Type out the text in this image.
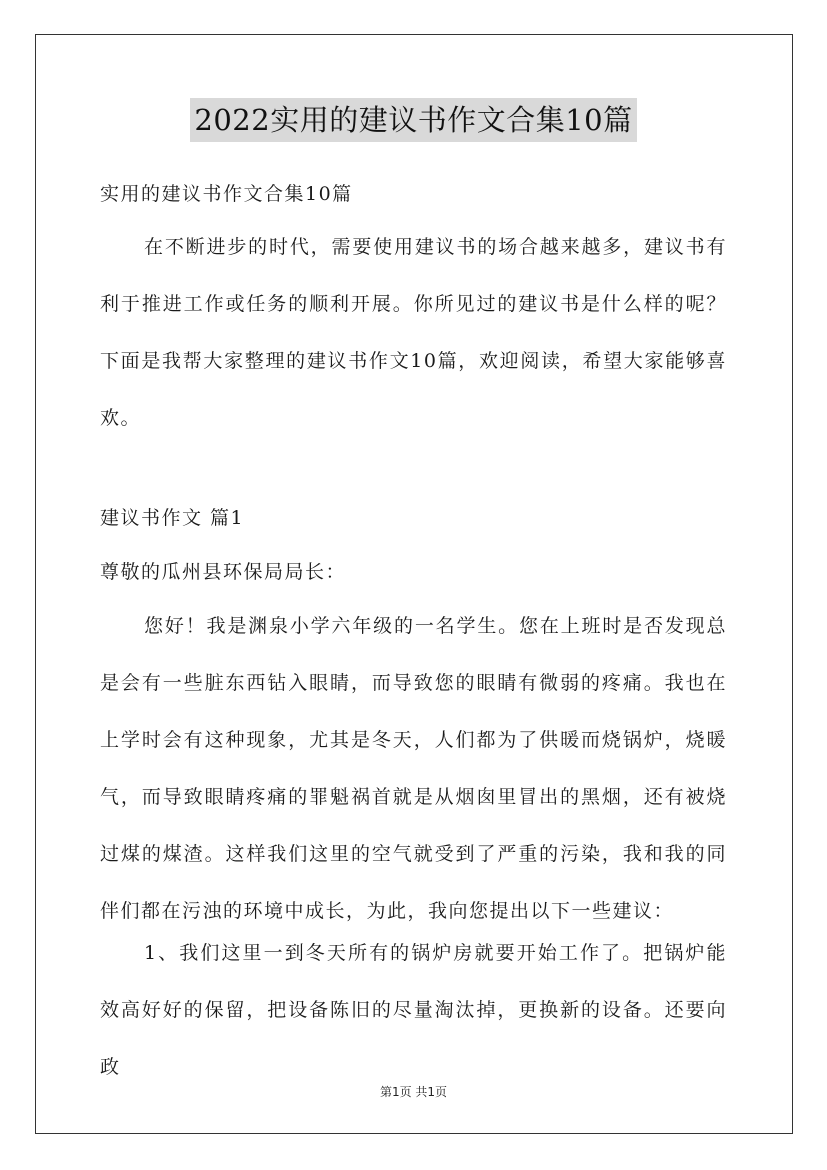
2022实用的建议书作文合集10篇

实用的建议书作文合集10篇

在不断进步的时代，需要使用建议书的场合越来越多，建议书有利于推进工作或任务的顺利开展。你所见过的建议书是什么样的呢？下面是我帮大家整理的建议书作文10篇，欢迎阅读，希望大家能够喜欢。

建议书作文 篇1

尊敬的瓜州县环保局局长：

您好！我是渊泉小学六年级的一名学生。您在上班时是否发现总是会有一些脏东西钻入眼睛，而导致您的眼睛有微弱的疼痛。我也在上学时会有这种现象，尤其是冬天，人们都为了供暖而烧锅炉，烧暖气，而导致眼睛疼痛的罪魁祸首就是从烟囱里冒出的黑烟，还有被烧过煤的煤渣。这样我们这里的空气就受到了严重的污染，我和我的同伴们都在污浊的环境中成长，为此，我向您提出以下一些建议：

1、我们这里一到冬天所有的锅炉房就要开始工作了。把锅炉能效高好好的保留，把设备陈旧的尽量淘汰掉，更换新的设备。还要向政

第1页 共1页
